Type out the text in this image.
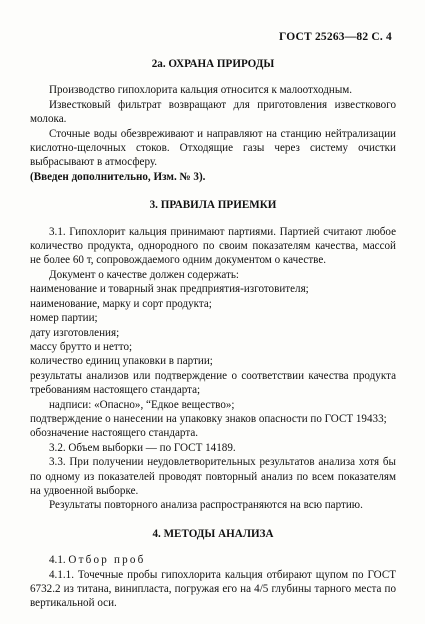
ГОСТ 25263—82 С. 4
2а. ОХРАНА ПРИРОДЫ

Производство гипохлорита кальция относится к малоотходным.

Известковый фильтрат возвращают для приготовления известкового молока.

Сточные воды обезвреживают и направляют на станцию нейтрализации кислотно-щелочных стоков. Отходящие газы через систему очистки выбрасывают в атмосферу.

(Введен дополнительно, Изм. № 3).

3. ПРАВИЛА ПРИЕМКИ

3.1. Гипохлорит кальция принимают партиями. Партией считают любое количество продукта, однородного по своим показателям качества, массой не более 60 т, сопровождаемого одним документом о качестве.

Документ о качестве должен содержать:

наименование и товарный знак предприятия-изготовителя;

наименование, марку и сорт продукта;

номер партии;

дату изготовления;

массу брутто и нетто;

количество единиц упаковки в партии;

результаты анализов или подтверждение о соответствии качества продукта требованиям настоящего стандарта;

надписи: «Опасно», “Едкое вещество»;

подтверждение о нанесении на упаковку знаков опасности по ГОСТ 19433;

обозначение настоящего стандарта.

3.2. Объем выборки — по ГОСТ 14189.

3.3. При получении неудовлетворительных результатов анализа хотя бы по одному из показателей проводят повторный анализ по всем показателям на удвоенной выборке.

Результаты повторного анализа распространяются на всю партию.

4. МЕТОДЫ АНАЛИЗА

4.1. Отбор проб

4.1.1. Точечные пробы гипохлорита кальция отбирают щупом по ГОСТ 6732.2 из титана, винипласта, погружая его на 4/5 глубины тарного места по вертикальной оси.
